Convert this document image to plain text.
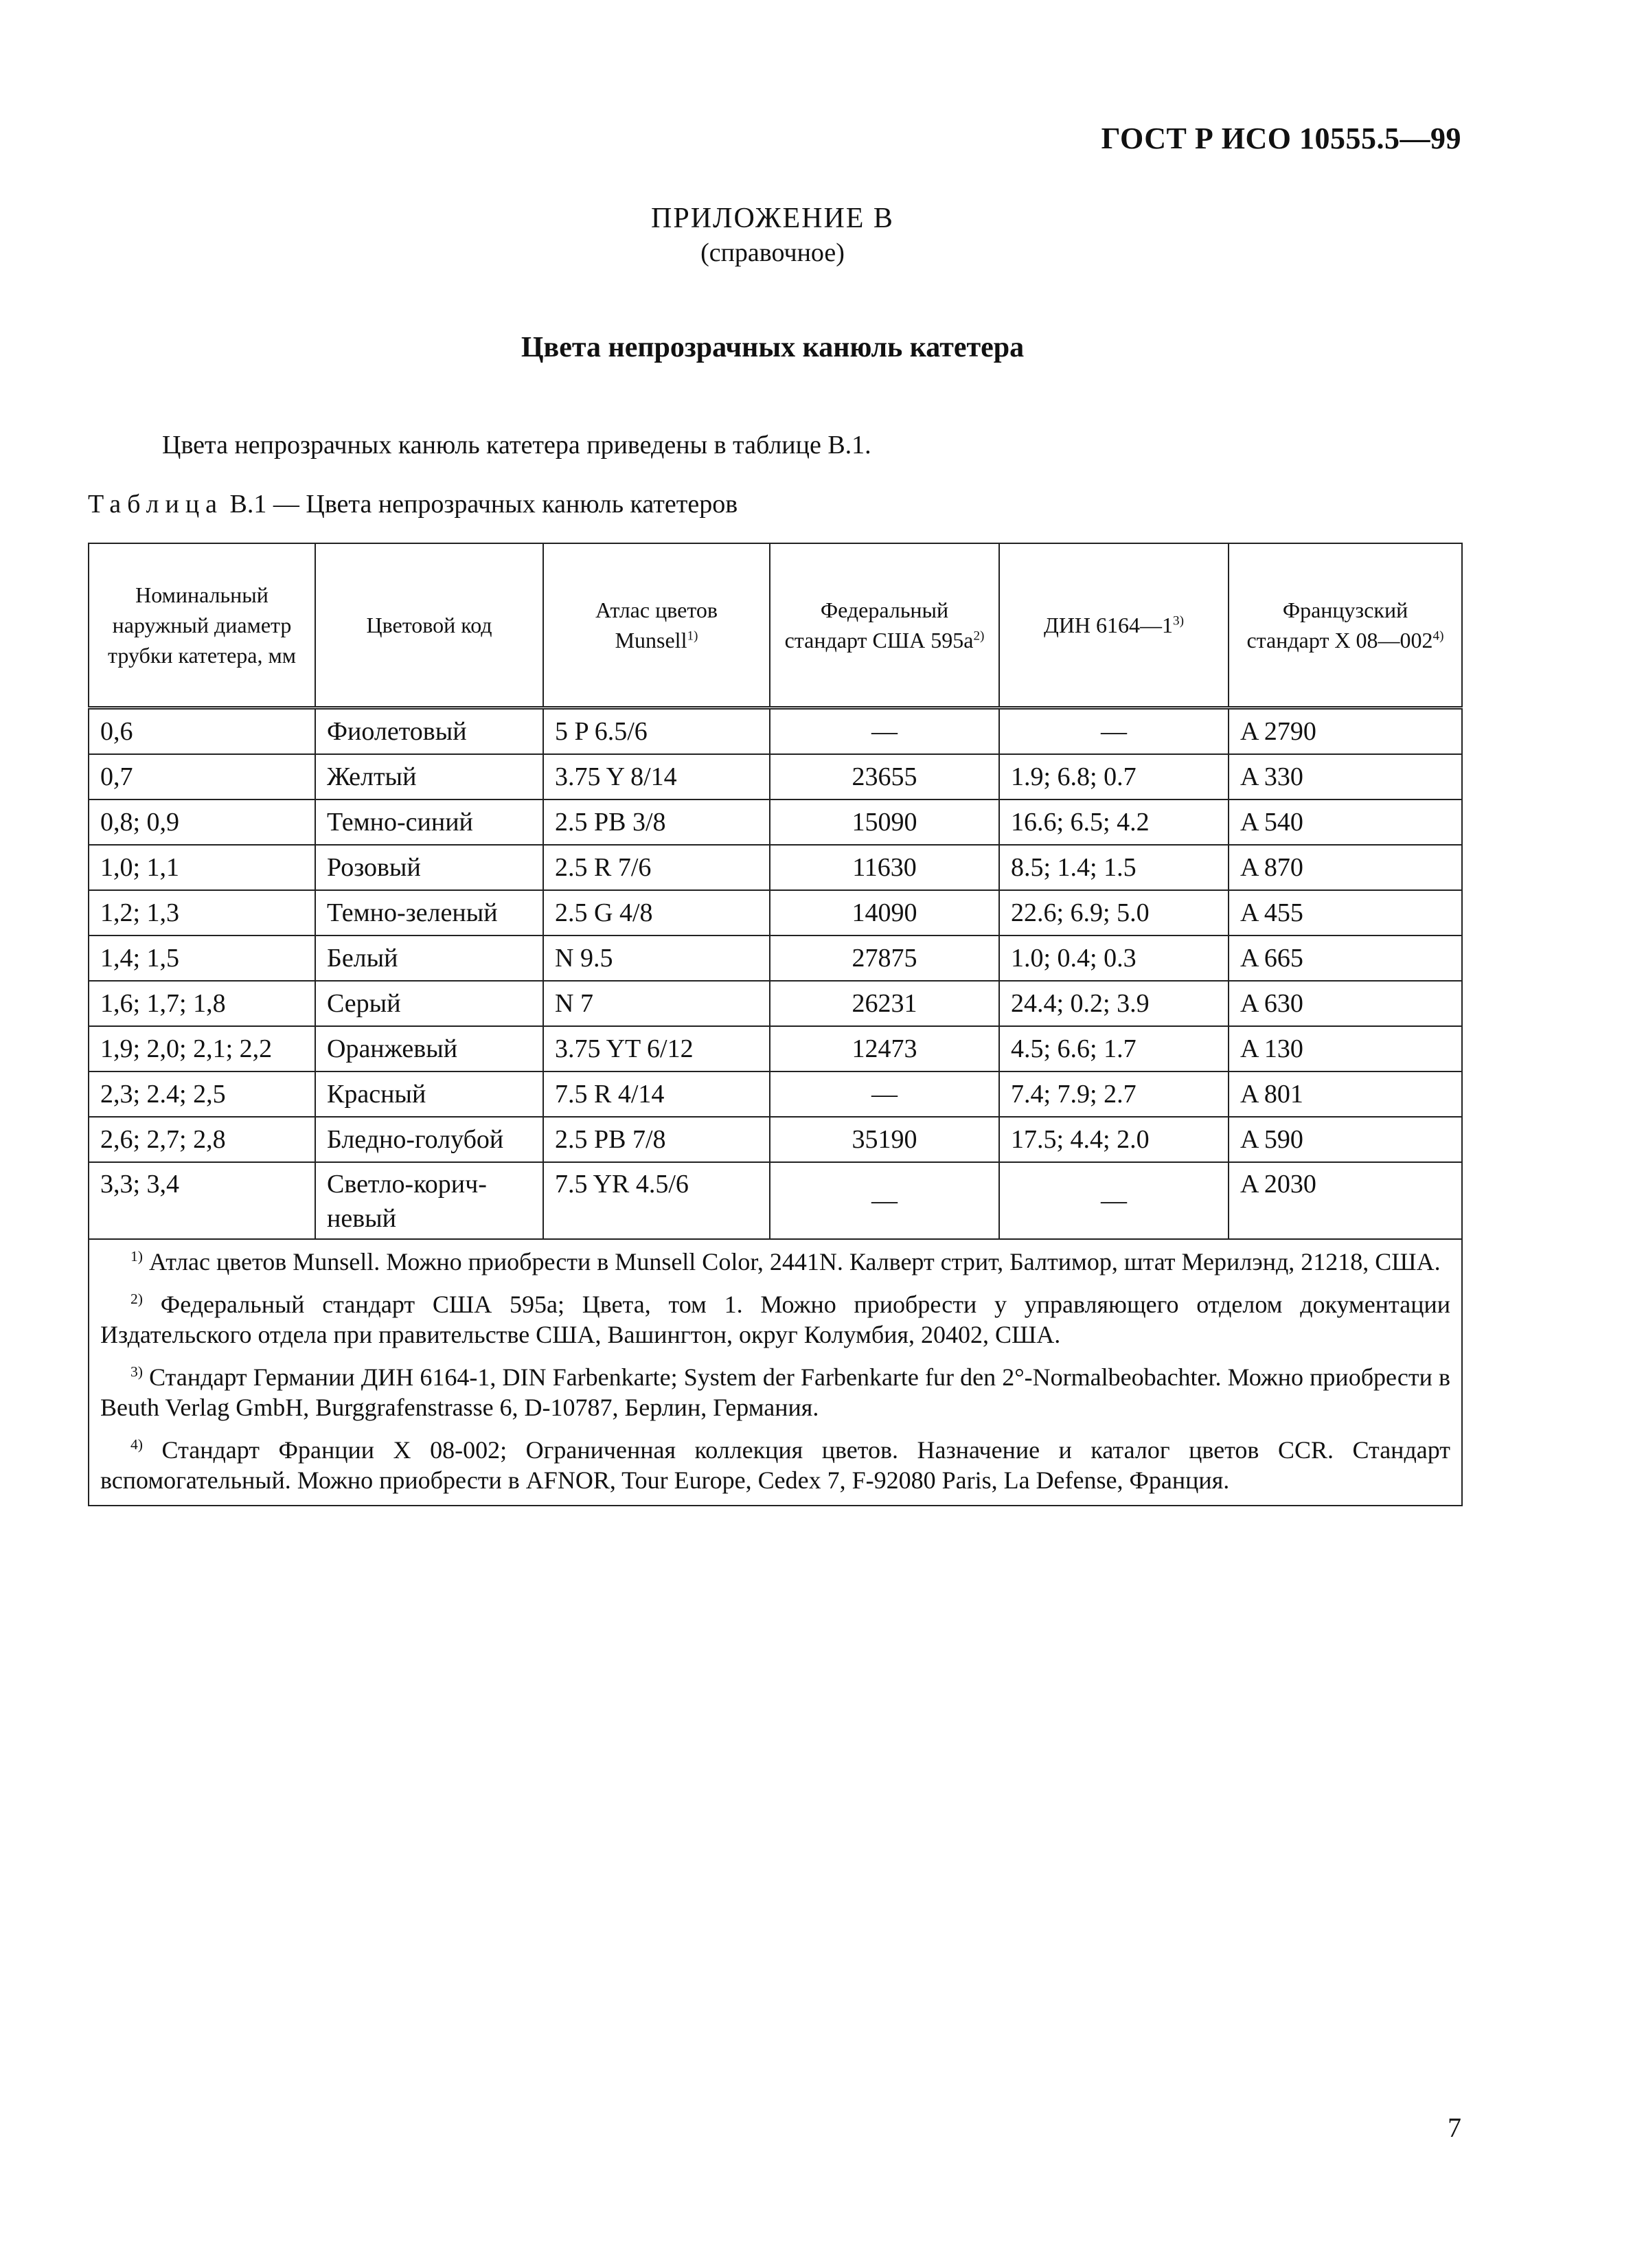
ГОСТ Р ИСО 10555.5—99
ПРИЛОЖЕНИЕ В
(справочное)
Цвета непрозрачных канюль катетера
Цвета непрозрачных канюль катетера приведены в таблице В.1.
Таблица В.1 — Цвета непрозрачных канюль катетеров
Номинальный наружный диаметр трубки катетера, мм	Цветовой код	Атлас цветов Munsell$^{1)}$	Федеральный стандарт США $595a^{2)}$	ДИН 6164—1$^{3)}$	Французский стандарт X 08—002$^{4)}$
0,6	Фиолетовый	5 P 6.5/6	—	—	A 2790
0,7	Желтый	3.75 Y 8/14	23655	1.9; 6.8; 0.7	A 330
0,8; 0,9	Темно-синий	2.5 PB 3/8	15090	16.6; 6.5; 4.2	A 540
1,0; 1,1	Розовый	2.5 R 7/6	11630	8.5; 1.4; 1.5	A 870
1,2; 1,3	Темно-зеленый	2.5 G 4/8	14090	22.6; 6.9; 5.0	A 455
1,4; 1,5	Белый	N 9.5	27875	1.0; 0.4; 0.3	A 665
1,6; 1,7; 1,8	Серый	N 7	26231	24.4; 0.2; 3.9	A 630
1,9; 2,0; 2,1; 2,2	Оранжевый	3.75 YT 6/12	12473	4.5; 6.6; 1.7	A 130
2,3; 2.4; 2,5	Красный	7.5 R 4/14	—	7.4; 7.9; 2.7	A 801
2,6; 2,7; 2,8	Бледно-голубой	2.5 PB 7/8	35190	17.5; 4.4; 2.0	A 590
3,3; 3,4	Светло-корич-невый	7.5 YR 4.5/6	—	—	A 2030

$^{1)}$ Атлас цветов Munsell. Можно приобрести в Munsell Color, 2441N. Калверт стрит, Балтимор, штат Мерилэнд, 21218, США.
$^{2)}$ Федеральный стандарт США 595а; Цвета, том 1. Можно приобрести у управляющего отделом документации Издательского отдела при правительстве США, Вашингтон, округ Колумбия, 20402, США.
$^{3)}$ Стандарт Германии ДИН 6164-1, DIN Farbenkarte; System der Farbenkarte fur den 2°-Normalbeobachter. Можно приобрести в Beuth Verlag GmbH, Burggrafenstrasse 6, D-10787, Берлин, Германия.
$^{4)}$ Стандарт Франции X 08-002; Ограниченная коллекция цветов. Назначение и каталог цветов CCR. Стандарт вспомогательный. Можно приобрести в AFNOR, Tour Europe, Cedex 7, F-92080 Paris, La Defense, Франция.					
7
